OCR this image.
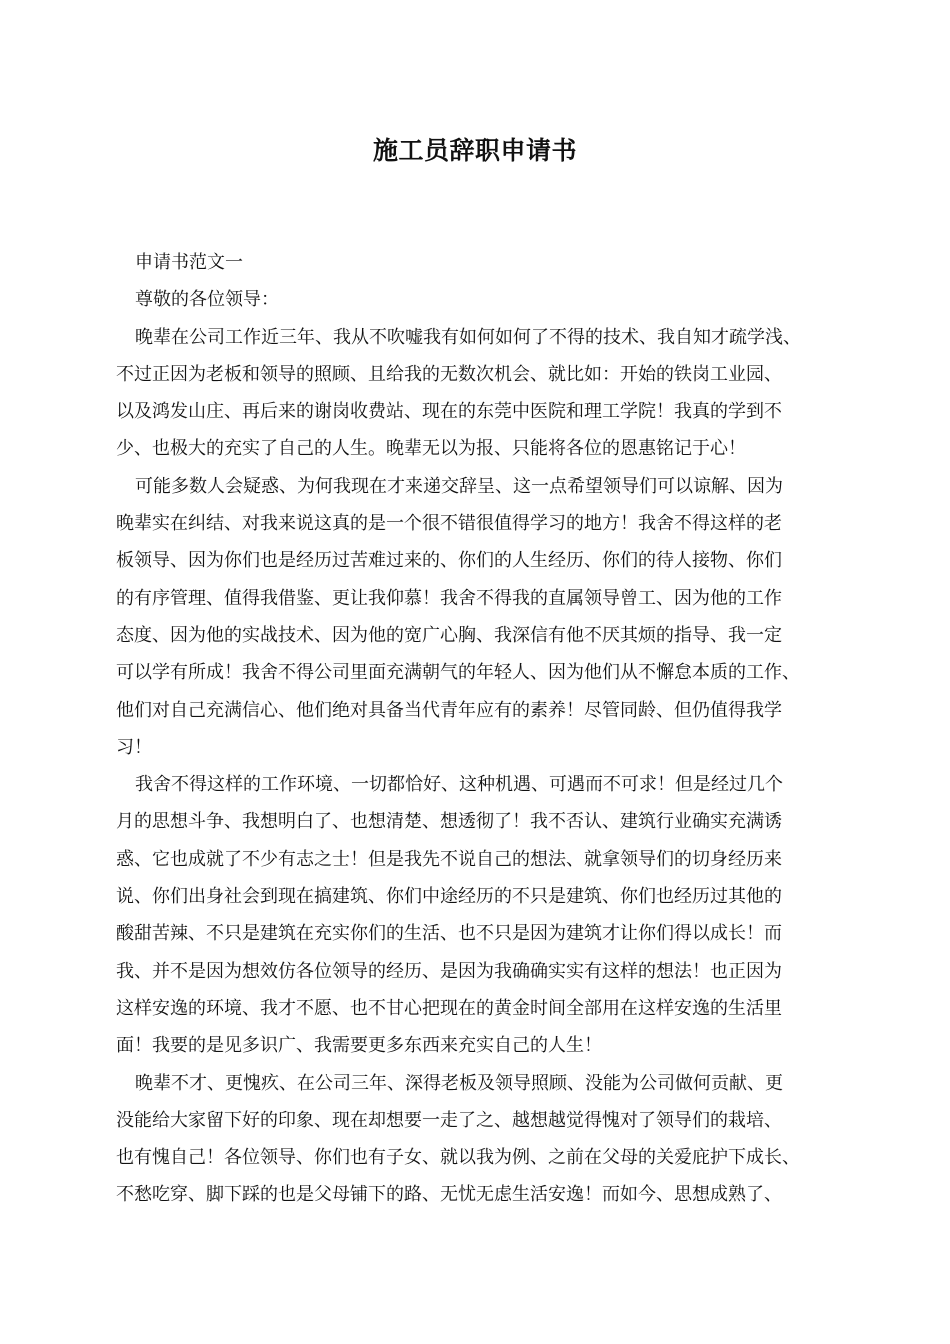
施工员辞职申请书
申请书范文一
尊敬的各位领导：
晚辈在公司工作近三年、我从不吹嘘我有如何如何了不得的技术、我自知才疏学浅、
不过正因为老板和领导的照顾、且给我的无数次机会、就比如：开始的铁岗工业园、
以及鸿发山庄、再后来的谢岗收费站、现在的东莞中医院和理工学院！我真的学到不
少、也极大的充实了自己的人生。晚辈无以为报、只能将各位的恩惠铭记于心！
可能多数人会疑惑、为何我现在才来递交辞呈、这一点希望领导们可以谅解、因为
晚辈实在纠结、对我来说这真的是一个很不错很值得学习的地方！我舍不得这样的老
板领导、因为你们也是经历过苦难过来的、你们的人生经历、你们的待人接物、你们
的有序管理、值得我借鉴、更让我仰慕！我舍不得我的直属领导曾工、因为他的工作
态度、因为他的实战技术、因为他的宽广心胸、我深信有他不厌其烦的指导、我一定
可以学有所成！我舍不得公司里面充满朝气的年轻人、因为他们从不懈怠本质的工作、
他们对自己充满信心、他们绝对具备当代青年应有的素养！尽管同龄、但仍值得我学
习！
我舍不得这样的工作环境、一切都恰好、这种机遇、可遇而不可求！但是经过几个
月的思想斗争、我想明白了、也想清楚、想透彻了！我不否认、建筑行业确实充满诱
惑、它也成就了不少有志之士！但是我先不说自己的想法、就拿领导们的切身经历来
说、你们出身社会到现在搞建筑、你们中途经历的不只是建筑、你们也经历过其他的
酸甜苦辣、不只是建筑在充实你们的生活、也不只是因为建筑才让你们得以成长！而
我、并不是因为想效仿各位领导的经历、是因为我确确实实有这样的想法！也正因为
这样安逸的环境、我才不愿、也不甘心把现在的黄金时间全部用在这样安逸的生活里
面！我要的是见多识广、我需要更多东西来充实自己的人生！
晚辈不才、更愧疚、在公司三年、深得老板及领导照顾、没能为公司做何贡献、更
没能给大家留下好的印象、现在却想要一走了之、越想越觉得愧对了领导们的栽培、
也有愧自己！各位领导、你们也有子女、就以我为例、之前在父母的关爱庇护下成长、
不愁吃穿、脚下踩的也是父母铺下的路、无忧无虑生活安逸！而如今、思想成熟了、
